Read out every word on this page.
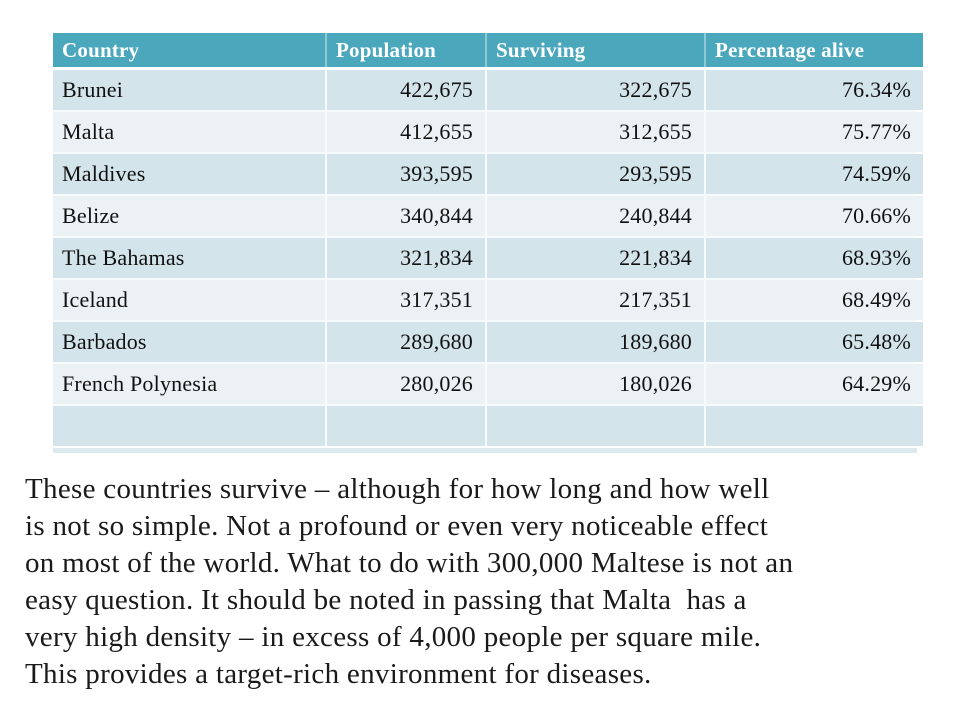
Country	Population	Surviving	Percentage alive
Brunei	422,675	322,675	76.34%
Malta	412,655	312,655	75.77%
Maldives	393,595	293,595	74.59%
Belize	340,844	240,844	70.66%
The Bahamas	321,834	221,834	68.93%
Iceland	317,351	217,351	68.49%
Barbados	289,680	189,680	65.48%
French Polynesia	280,026	180,026	64.29%
These countries survive – although for how long and how well
is not so simple. Not a profound or even very noticeable effect
on most of the world. What to do with 300,000 Maltese is not an
easy question. It should be noted in passing that Malta  has a
very high density – in excess of 4,000 people per square mile.
This provides a target-rich environment for diseases.
